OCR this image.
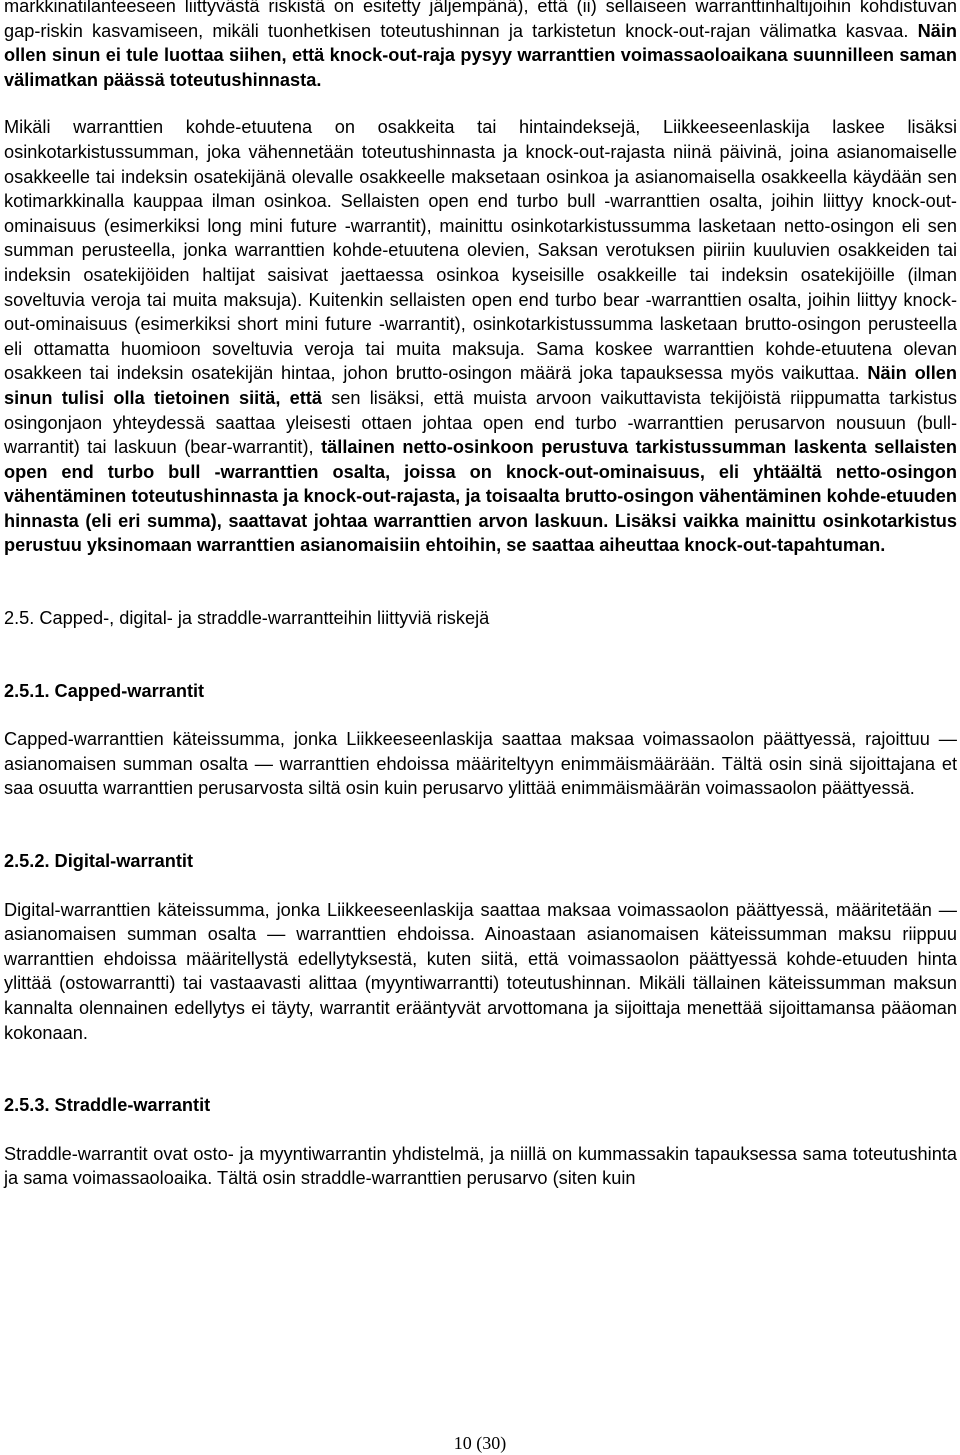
markkinatilanteeseen liittyvästä riskistä on esitetty jäljempänä), että (ii) sellaiseen warranttinhaltijoihin kohdistuvan gap-riskin kasvamiseen, mikäli tuonhetkisen toteutushinnan ja tarkistetun knock-out-rajan välimatka kasvaa. Näin ollen sinun ei tule luottaa siihen, että knock-out-raja pysyy warranttien voimassaoloaikana suunnilleen saman välimatkan päässä toteutushinnasta.

Mikäli warranttien kohde-etuutena on osakkeita tai hintaindeksejä, Liikkeeseenlaskija laskee lisäksi osinkotarkistussumman, joka vähennetään toteutushinnasta ja knock-out-rajasta niinä päivinä, joina asianomaiselle osakkeelle tai indeksin osatekijänä olevalle osakkeelle maksetaan osinkoa ja asianomaisella osakkeella käydään sen kotimarkkinalla kauppaa ilman osinkoa. Sellaisten open end turbo bull -warranttien osalta, joihin liittyy knock-out-ominaisuus (esimerkiksi long mini future -warrantit), mainittu osinkotarkistussumma lasketaan netto-osingon eli sen summan perusteella, jonka warranttien kohde-etuutena olevien, Saksan verotuksen piiriin kuuluvien osakkeiden tai indeksin osatekijöiden haltijat saisivat jaettaessa osinkoa kyseisille osakkeille tai indeksin osatekijöille (ilman soveltuvia veroja tai muita maksuja). Kuitenkin sellaisten open end turbo bear -warranttien osalta, joihin liittyy knock-out-ominaisuus (esimerkiksi short mini future -warrantit), osinkotarkistussumma lasketaan brutto-osingon perusteella eli ottamatta huomioon soveltuvia veroja tai muita maksuja. Sama koskee warranttien kohde-etuutena olevan osakkeen tai indeksin osatekijän hintaa, johon brutto-osingon määrä joka tapauksessa myös vaikuttaa. Näin ollen sinun tulisi olla tietoinen siitä, että sen lisäksi, että muista arvoon vaikuttavista tekijöistä riippumatta tarkistus osingonjaon yhteydessä saattaa yleisesti ottaen johtaa open end turbo -warranttien perusarvon nousuun (bull-warrantit) tai laskuun (bear-warrantit), tällainen netto-osinkoon perustuva tarkistussumman laskenta sellaisten open end turbo bull -warranttien osalta, joissa on knock-out-ominaisuus, eli yhtäältä netto-osingon vähentäminen toteutushinnasta ja knock-out-rajasta, ja toisaalta brutto-osingon vähentäminen kohde-etuuden hinnasta (eli eri summa), saattavat johtaa warranttien arvon laskuun. Lisäksi vaikka mainittu osinkotarkistus perustuu yksinomaan warranttien asianomaisiin ehtoihin, se saattaa aiheuttaa knock-out-tapahtuman.

2.5. Capped-, digital- ja straddle-warrantteihin liittyviä riskejä

2.5.1. Capped-warrantit

Capped-warranttien käteissumma, jonka Liikkeeseenlaskija saattaa maksaa voimassaolon päättyessä, rajoittuu — asianomaisen summan osalta — warranttien ehdoissa määriteltyyn enimmäismäärään. Tältä osin sinä sijoittajana et saa osuutta warranttien perusarvosta siltä osin kuin perusarvo ylittää enimmäismäärän voimassaolon päättyessä.

2.5.2. Digital-warrantit

Digital-warranttien käteissumma, jonka Liikkeeseenlaskija saattaa maksaa voimassaolon päättyessä, määritetään — asianomaisen summan osalta — warranttien ehdoissa. Ainoastaan asianomaisen käteissumman maksu riippuu warranttien ehdoissa määritellystä edellytyksestä, kuten siitä, että voimassaolon päättyessä kohde-etuuden hinta ylittää (ostowarrantti) tai vastaavasti alittaa (myyntiwarrantti) toteutushinnan. Mikäli tällainen käteissumman maksun kannalta olennainen edellytys ei täyty, warrantit erääntyvät arvottomana ja sijoittaja menettää sijoittamansa pääoman kokonaan.

2.5.3. Straddle-warrantit

Straddle-warrantit ovat osto- ja myyntiwarrantin yhdistelmä, ja niillä on kummassakin tapauksessa sama toteutushinta ja sama voimassaoloaika. Tältä osin straddle-warranttien perusarvo (siten kuin

10 (30)
